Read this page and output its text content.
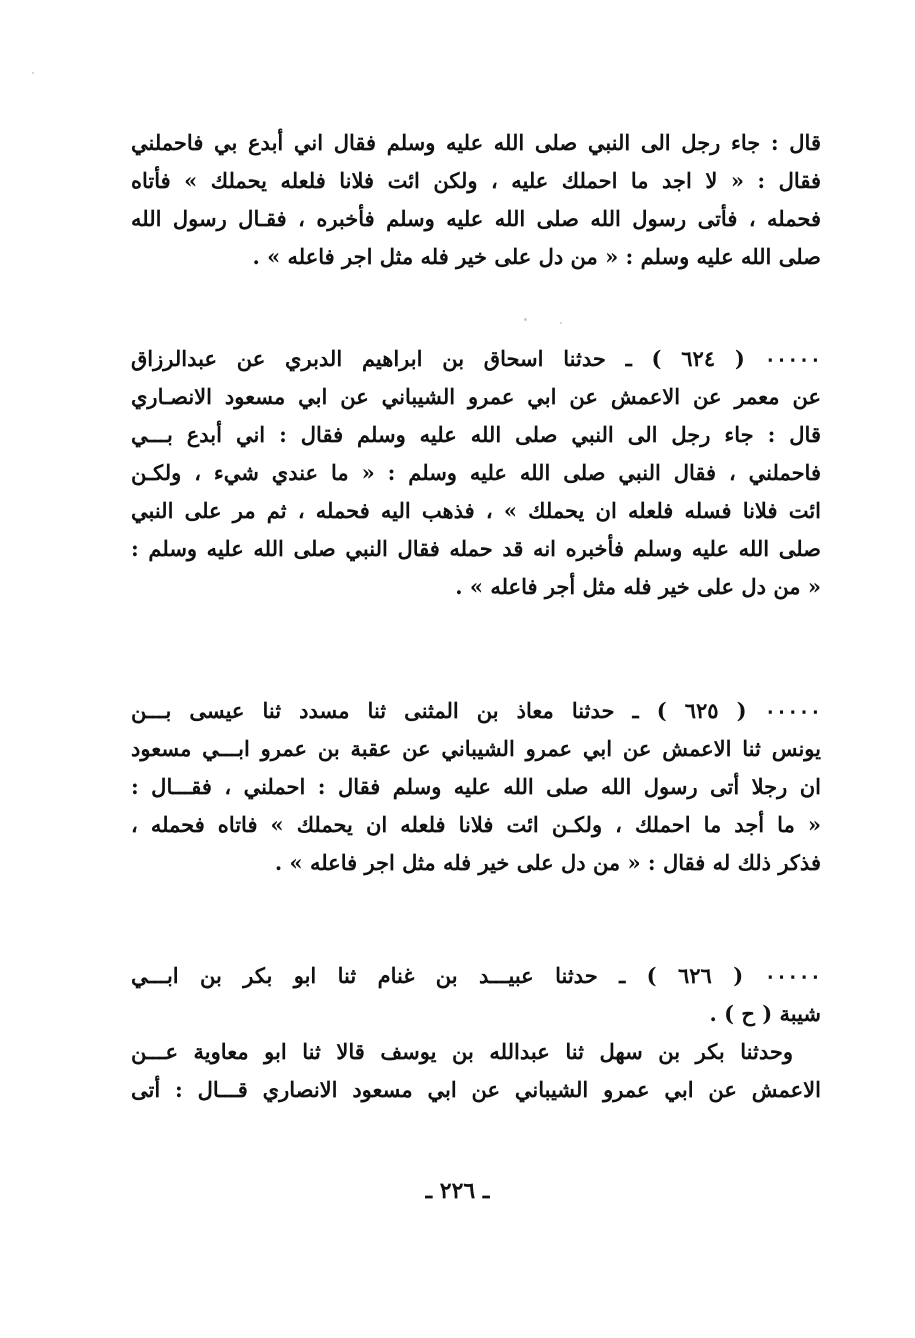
قال : جاء رجل الى النبي صلى الله عليه وسلم فقال اني أبدع بي فاحملني
فقال : « لا اجد ما احملك عليه ، ولكن ائت فلانا فلعله يحملك » فأتاه
فحمله ، فأتى رسول الله صلى الله عليه وسلم فأخبره ، فقـال رسول الله
صلى الله عليه وسلم : « من دل على خير فله مثل اجر فاعله » .
٠٠٠٠٠ ( ٦٢٤ ) ـ حدثنا اسحاق بن ابراهيم الدبري عن عبدالرزاق
عن معمر عن الاعمش عن ابي عمرو الشيباني عن ابي مسعود الانصـاري
قال : جاء رجل الى النبي صلى الله عليه وسلم فقال : اني أبدع بـــي
فاحملني ، فقال النبي صلى الله عليه وسلم : « ما عندي شيء ، ولكـن
ائت فلانا فسله فلعله ان يحملك » ، فذهب اليه فحمله ، ثم مر على النبي
صلى الله عليه وسلم فأخبره انه قد حمله فقال النبي صلى الله عليه وسلم :
« من دل على خير فله مثل أجر فاعله » .
٠٠٠٠٠ ( ٦٢٥ ) ـ حدثنا معاذ بن المثنى ثنا مسدد ثنا عيسى بـــن
يونس ثنا الاعمش عن ابي عمرو الشيباني عن عقبة بن عمرو ابـــي مسعود
ان رجلا أتى رسول الله صلى الله عليه وسلم فقال : احملني ، فقـــال :
« ما أجد ما احملك ، ولكـن ائت فلانا فلعله ان يحملك » فاتاه فحمله ،
فذكر ذلك له فقال : « من دل على خير فله مثل اجر فاعله » .
٠٠٠٠٠ ( ٦٢٦ ) ـ حدثنا عبيـــد بن غنام ثنا ابو بكر بن ابـــي
شيبة ( ح ) .
وحدثنا بكر بن سهل ثنا عبدالله بن يوسف قالا ثنا ابو معاوية عـــن
الاعمش عن ابي عمرو الشيباني عن ابي مسعود الانصاري قـــال : أتى
ـ ٢٢٦ ـ
